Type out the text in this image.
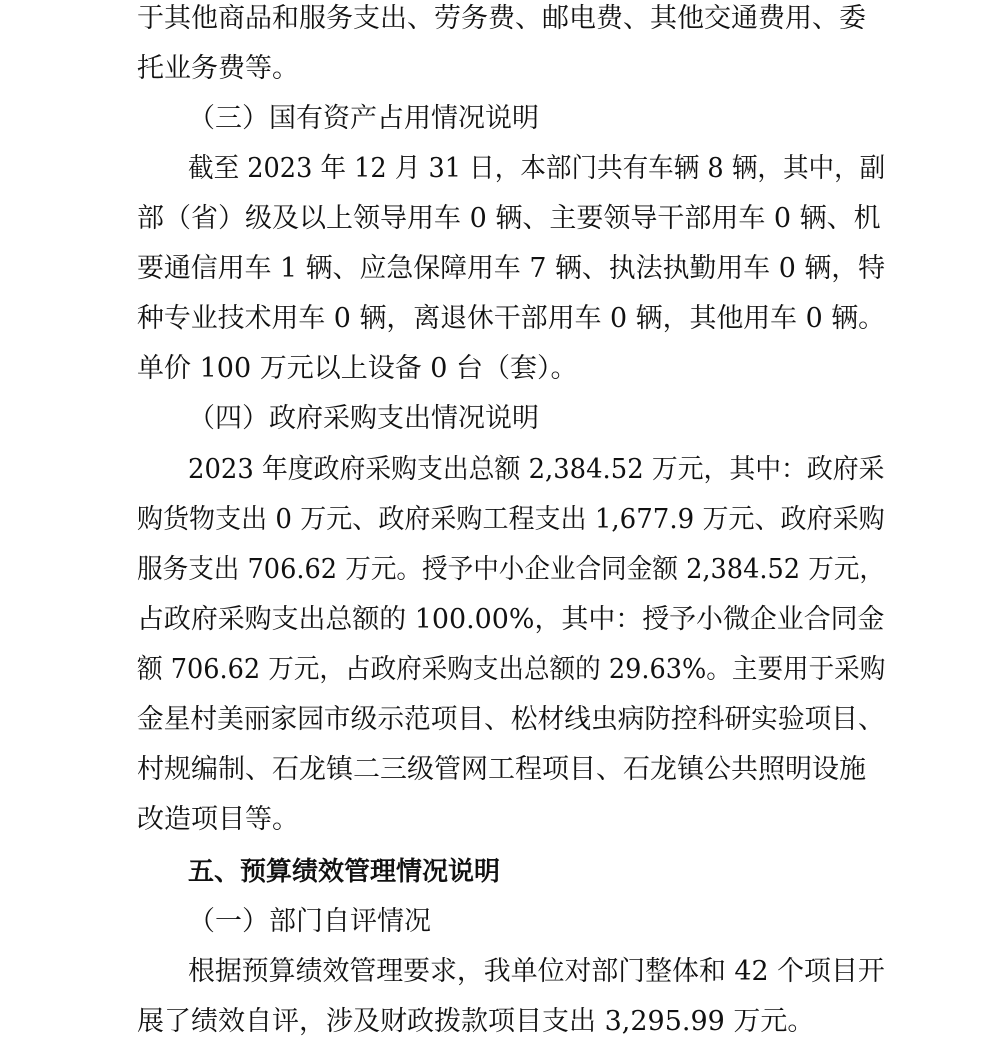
于其他商品和服务支出、劳务费、邮电费、其他交通费用、委
托业务费等。
（三）国有资产占用情况说明
截至 2023 年 12 月 31 日，本部门共有车辆 8 辆，其中，副
部（省）级及以上领导用车 0 辆、主要领导干部用车 0 辆、机
要通信用车 1 辆、应急保障用车 7 辆、执法执勤用车 0 辆，特
种专业技术用车 0 辆，离退休干部用车 0 辆，其他用车 0 辆。
单价 100 万元以上设备 0 台（套）。
（四）政府采购支出情况说明
2023 年度政府采购支出总额 2,384.52 万元，其中：政府采
购货物支出 0 万元、政府采购工程支出 1,677.9 万元、政府采购
服务支出 706.62 万元。授予中小企业合同金额 2,384.52 万元，
占政府采购支出总额的 100.00%，其中：授予小微企业合同金
额 706.62 万元，占政府采购支出总额的 29.63%。主要用于采购
金星村美丽家园市级示范项目、松材线虫病防控科研实验项目、
村规编制、石龙镇二三级管网工程项目、石龙镇公共照明设施
改造项目等。
五、预算绩效管理情况说明
（一）部门自评情况
根据预算绩效管理要求，我单位对部门整体和 42 个项目开
展了绩效自评，涉及财政拨款项目支出 3,295.99 万元。
